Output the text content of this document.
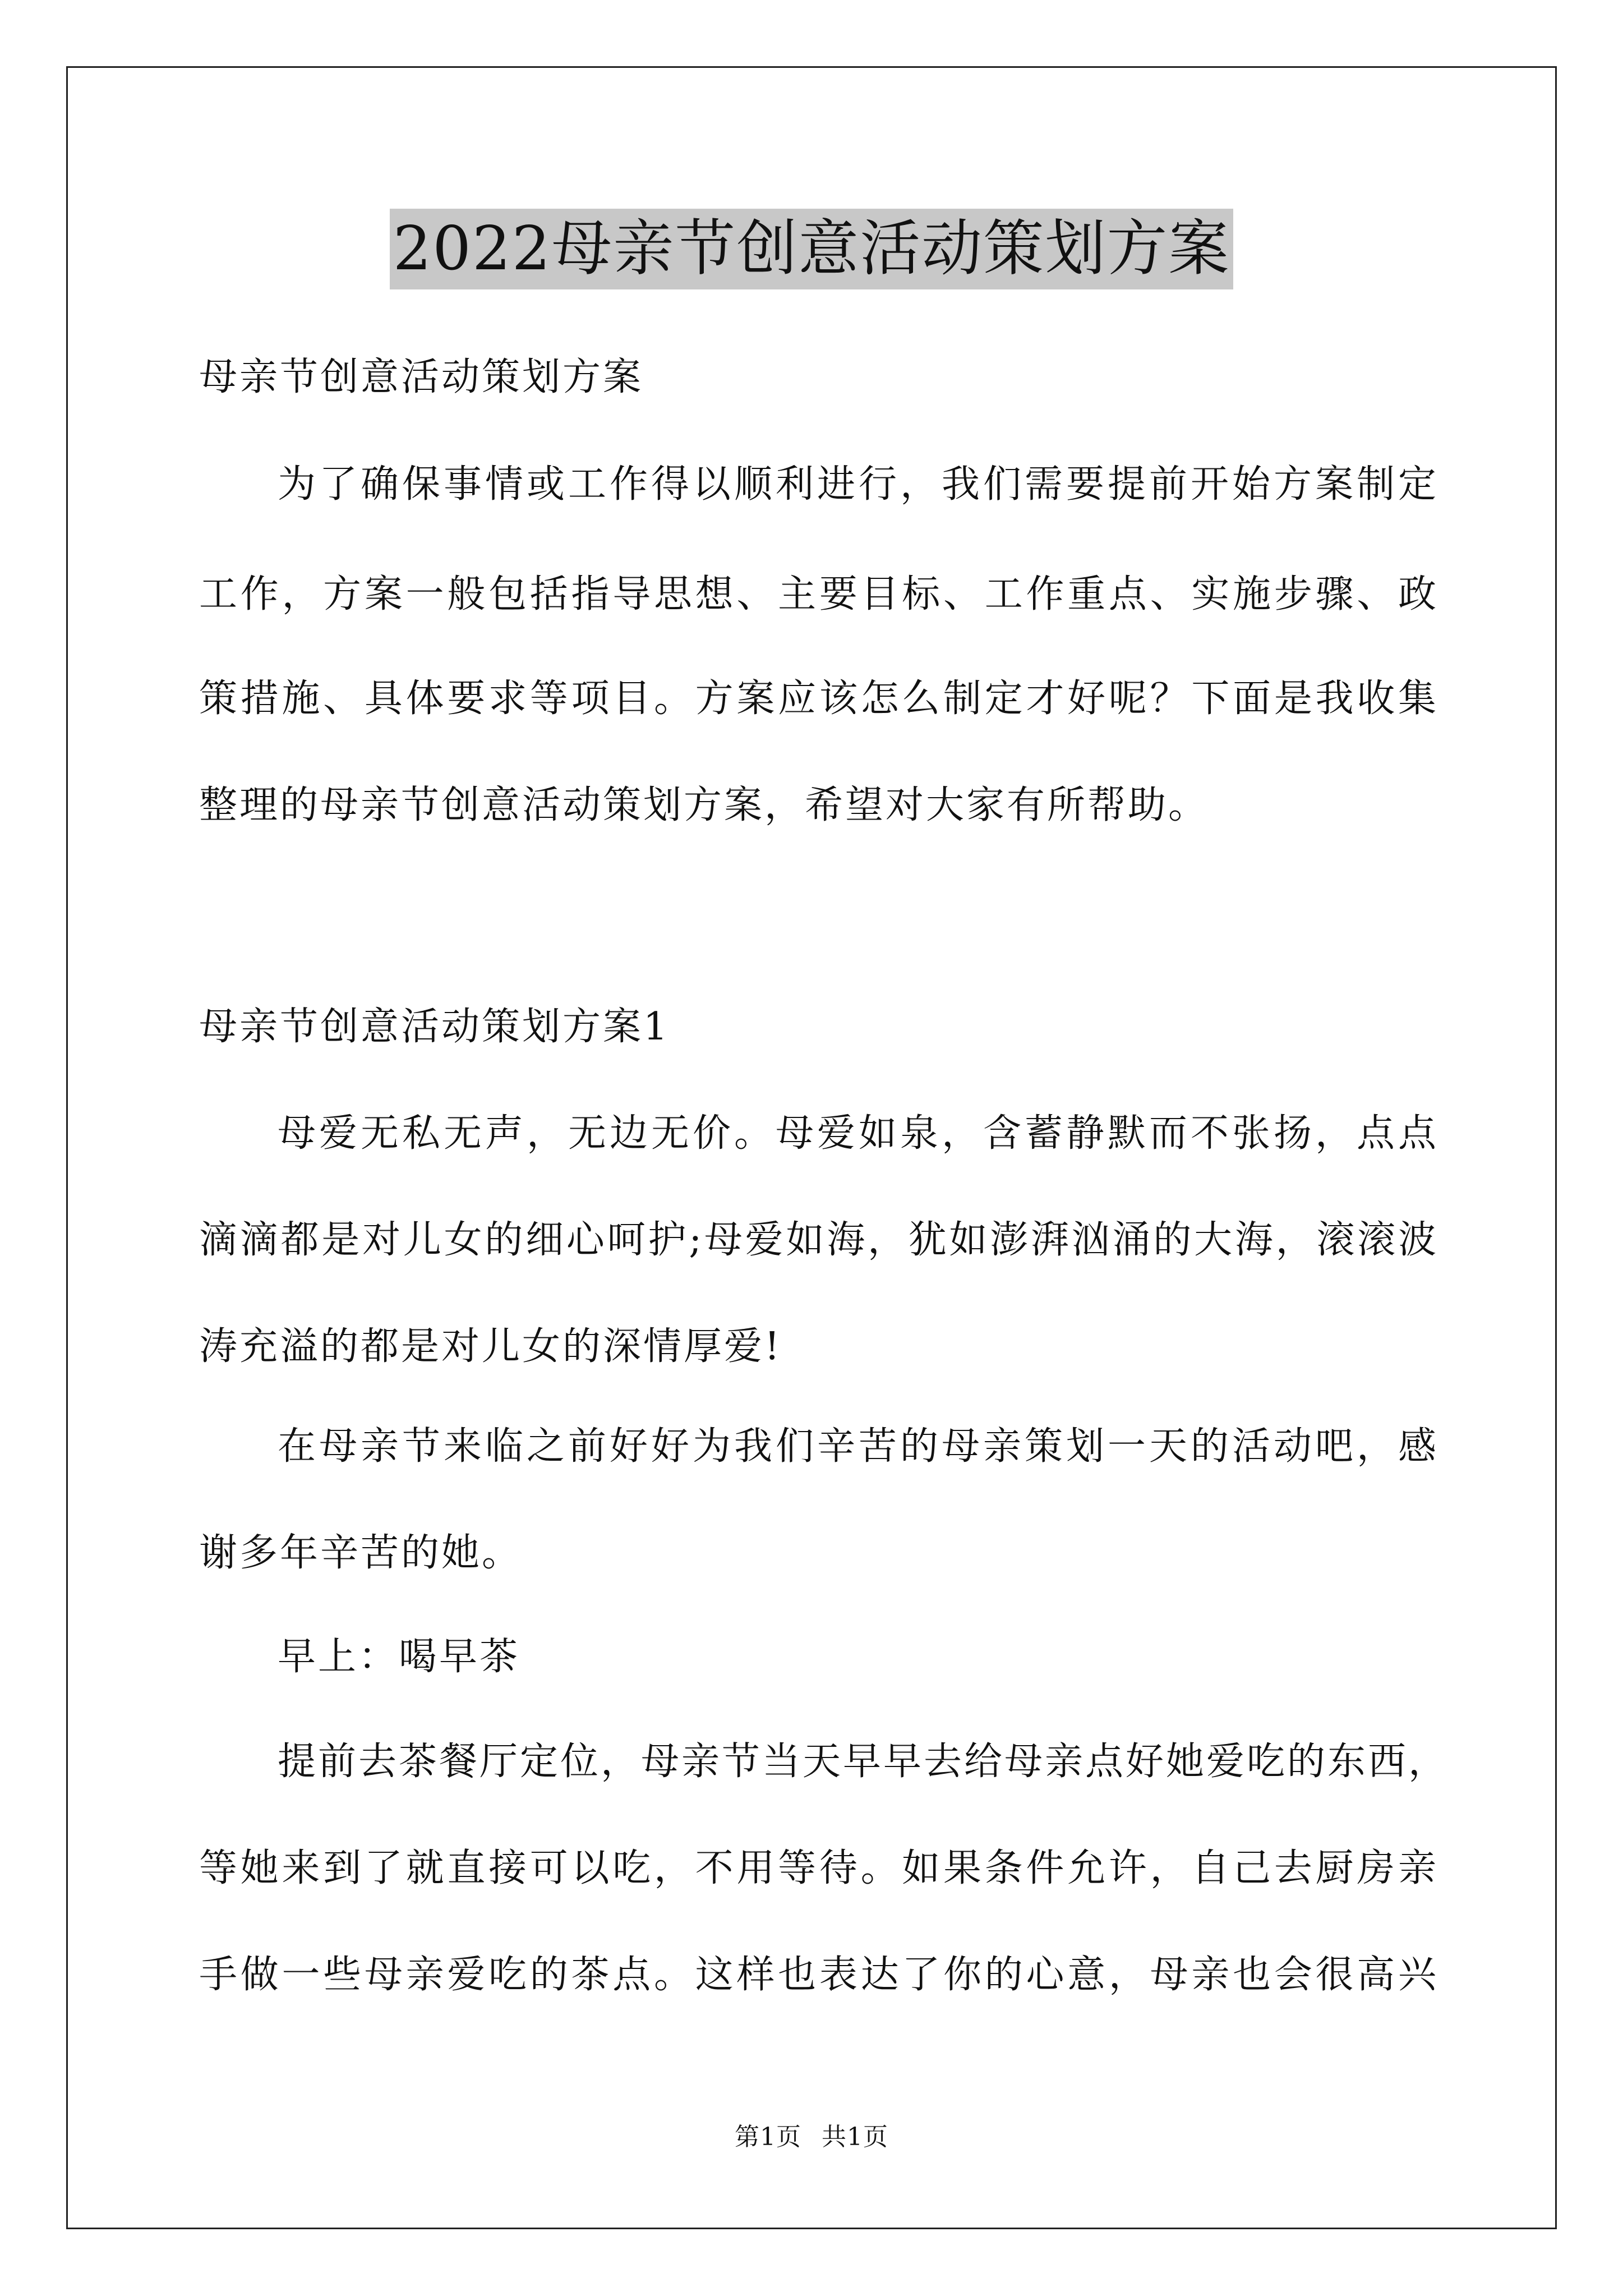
2022母亲节创意活动策划方案
母亲节创意活动策划方案
为了确保事情或工作得以顺利进行，我们需要提前开始方案制定
工作，方案一般包括指导思想、主要目标、工作重点、实施步骤、政
策措施、具体要求等项目。方案应该怎么制定才好呢？下面是我收集
整理的母亲节创意活动策划方案，希望对大家有所帮助。
母亲节创意活动策划方案1
母爱无私无声，无边无价。母爱如泉，含蓄静默而不张扬，点点
滴滴都是对儿女的细心呵护;母爱如海，犹如澎湃汹涌的大海，滚滚波
涛充溢的都是对儿女的深情厚爱!
在母亲节来临之前好好为我们辛苦的母亲策划一天的活动吧，感
谢多年辛苦的她。
早上：喝早茶
提前去茶餐厅定位，母亲节当天早早去给母亲点好她爱吃的东西，
等她来到了就直接可以吃，不用等待。如果条件允许，自己去厨房亲
手做一些母亲爱吃的茶点。这样也表达了你的心意，母亲也会很高兴
第1页 共1页
